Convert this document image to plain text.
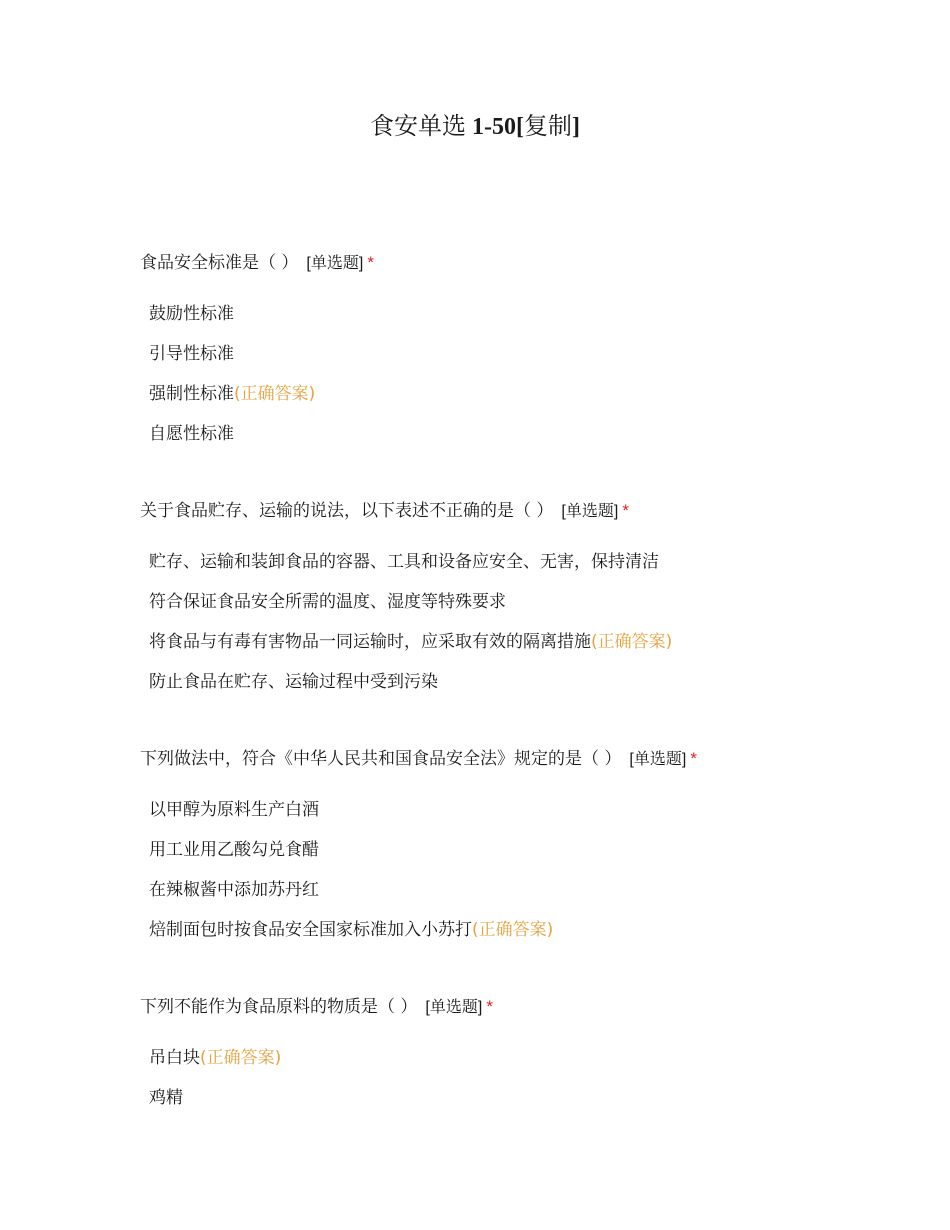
食安单选 1-50[复制]
食品安全标准是（ ） [单选题] *
鼓励性标准
引导性标准
强制性标准(正确答案)
自愿性标准
关于食品贮存、运输的说法，以下表述不正确的是（ ） [单选题] *
贮存、运输和装卸食品的容器、工具和设备应安全、无害，保持清洁
符合保证食品安全所需的温度、湿度等特殊要求
将食品与有毒有害物品一同运输时，应采取有效的隔离措施(正确答案)
防止食品在贮存、运输过程中受到污染
下列做法中，符合《中华人民共和国食品安全法》规定的是（ ） [单选题] *
以甲醇为原料生产白酒
用工业用乙酸勾兑食醋
在辣椒酱中添加苏丹红
焙制面包时按食品安全国家标准加入小苏打(正确答案)
下列不能作为食品原料的物质是（ ） [单选题] *
吊白块(正确答案)
鸡精
